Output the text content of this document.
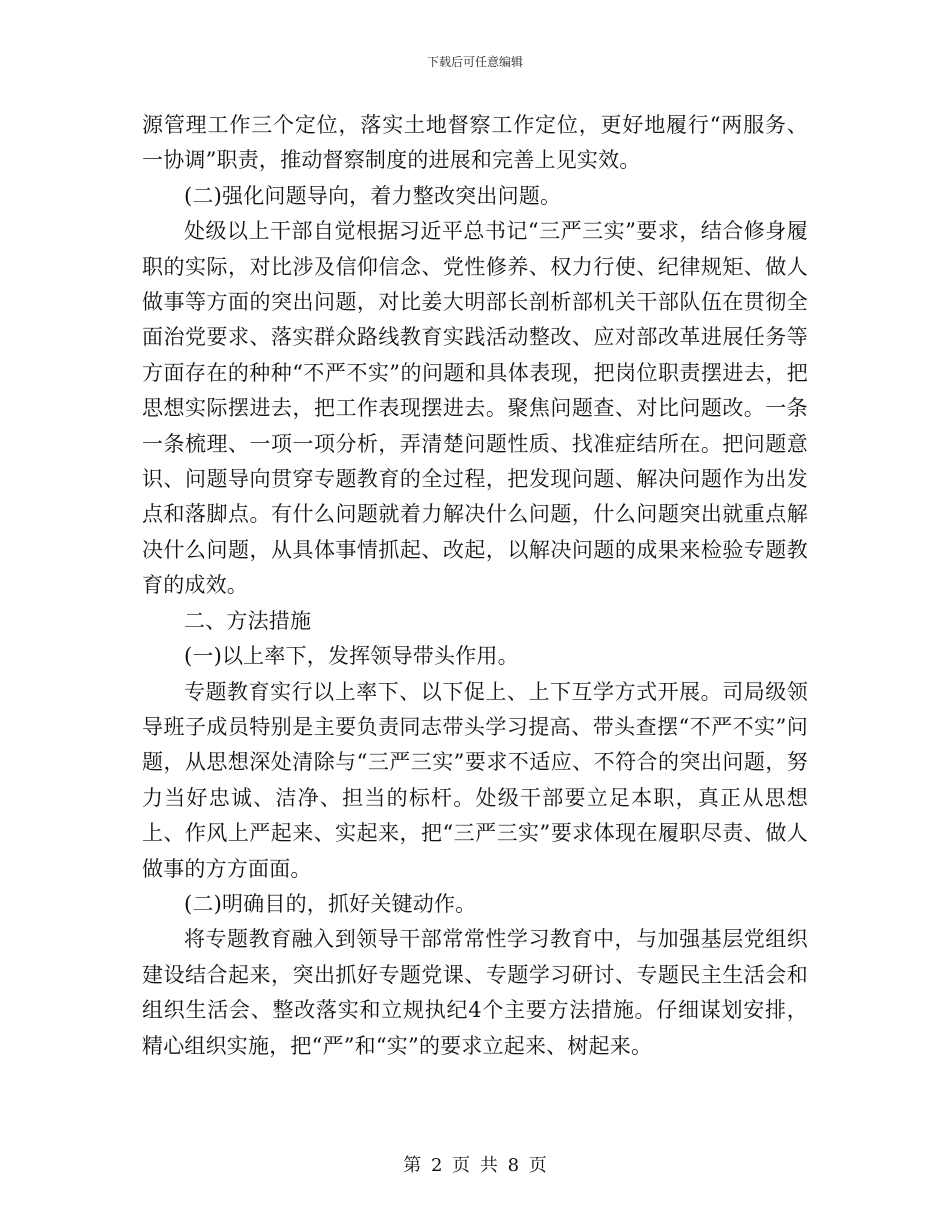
下载后可任意编辑

源管理工作三个定位，落实土地督察工作定位，更好地履行“两服务、一协调”职责，推动督察制度的进展和完善上见实效。

(二)强化问题导向，着力整改突出问题。

处级以上干部自觉根据习近平总书记“三严三实”要求，结合修身履职的实际，对比涉及信仰信念、党性修养、权力行使、纪律规矩、做人做事等方面的突出问题，对比姜大明部长剖析部机关干部队伍在贯彻全面治党要求、落实群众路线教育实践活动整改、应对部改革进展任务等方面存在的种种“不严不实”的问题和具体表现，把岗位职责摆进去，把思想实际摆进去，把工作表现摆进去。聚焦问题查、对比问题改。一条一条梳理、一项一项分析，弄清楚问题性质、找准症结所在。把问题意识、问题导向贯穿专题教育的全过程，把发现问题、解决问题作为出发点和落脚点。有什么问题就着力解决什么问题，什么问题突出就重点解决什么问题，从具体事情抓起、改起，以解决问题的成果来检验专题教育的成效。

二、方法措施

(一)以上率下，发挥领导带头作用。

专题教育实行以上率下、以下促上、上下互学方式开展。司局级领导班子成员特别是主要负责同志带头学习提高、带头查摆“不严不实”问题，从思想深处清除与“三严三实”要求不适应、不符合的突出问题，努力当好忠诚、洁净、担当的标杆。处级干部要立足本职，真正从思想上、作风上严起来、实起来，把“三严三实”要求体现在履职尽责、做人做事的方方面面。

(二)明确目的，抓好关键动作。

将专题教育融入到领导干部常常性学习教育中，与加强基层党组织建设结合起来，突出抓好专题党课、专题学习研讨、专题民主生活会和组织生活会、整改落实和立规执纪4个主要方法措施。仔细谋划安排，精心组织实施，把“严”和“实”的要求立起来、树起来。

第 2 页 共 8 页
